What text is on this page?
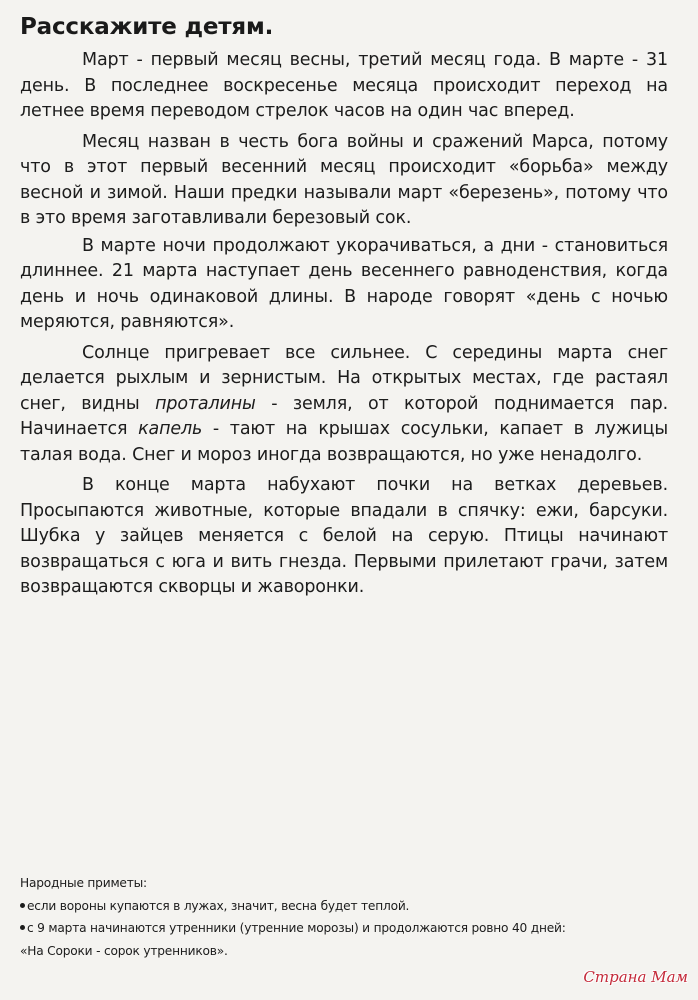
Расскажите детям.

Март - первый месяц весны, третий месяц года. В марте - 31 день. В последнее воскресенье месяца происходит переход на летнее время переводом стрелок часов на один час вперед.

Месяц назван в честь бога войны и сражений Марса, потому что в этот первый весенний месяц происходит «борьба» между весной и зимой. Наши предки называли март «березень», потому что в это время заготавливали березовый сок.

В марте ночи продолжают укорачиваться, а дни - становиться длиннее. 21 марта наступает день весеннего равноденствия, когда день и ночь одинаковой длины. В народе говорят «день с ночью меряются, равняются».

Солнце пригревает все сильнее. С середины марта снег делается рыхлым и зернистым. На открытых местах, где растаял снег, видны проталины - земля, от которой поднимается пар. Начинается капель - тают на крышах сосульки, капает в лужицы талая вода. Снег и мороз иногда возвращаются, но уже ненадолго.

В конце марта набухают почки на ветках деревьев. Просыпаются животные, которые впадали в спячку: ежи, барсуки. Шубка у зайцев меняется с белой на серую. Птицы начинают возвращаться с юга и вить гнезда. Первыми прилетают грачи, затем возвращаются скворцы и жаворонки.

Народные приметы:
если вороны купаются в лужах, значит, весна будет теплой.
с 9 марта начинаются утренники (утренние морозы) и продолжаются ровно 40 дней:
«На Сороки - сорок утренников».
Страна Мам
